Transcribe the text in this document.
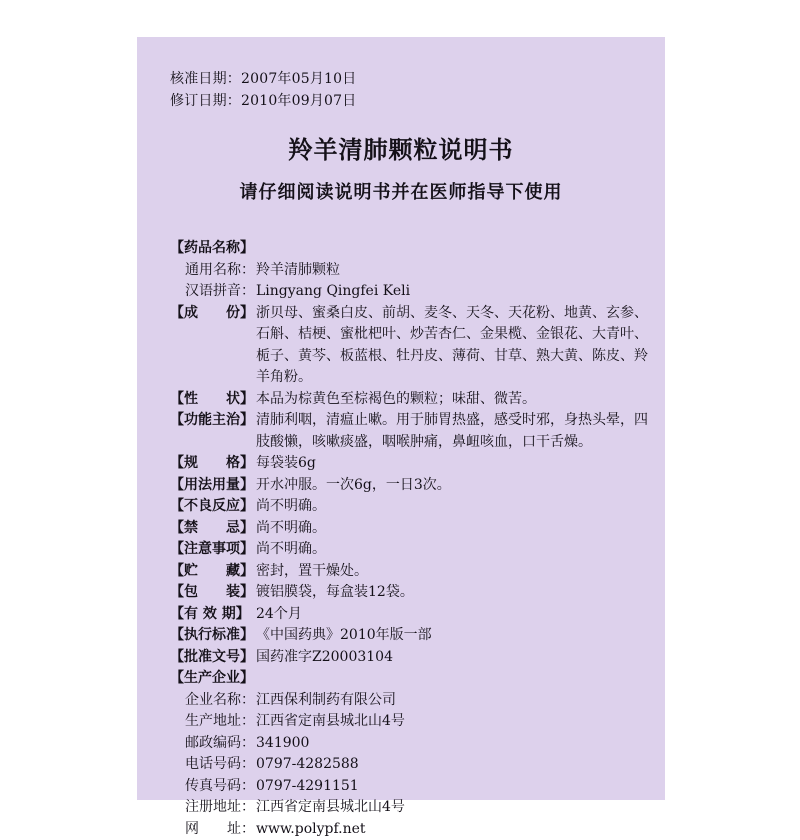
核准日期：2007年05月10日
修订日期：2010年09月07日
羚羊清肺颗粒说明书
请仔细阅读说明书并在医师指导下使用
【药品名称】
通用名称：羚羊清肺颗粒
汉语拼音：Lingyang Qingfei Keli
【成　　份】 浙贝母、蜜桑白皮、前胡、麦冬、天冬、天花粉、地黄、玄参、石斛、桔梗、蜜枇杷叶、炒苦杏仁、金果榄、金银花、大青叶、栀子、黄芩、板蓝根、牡丹皮、薄荷、甘草、熟大黄、陈皮、羚羊角粉。
【性　　状】 本品为棕黄色至棕褐色的颗粒；味甜、微苦。
【功能主治】 清肺利咽，清瘟止嗽。用于肺胃热盛，感受时邪，身热头晕，四肢酸懒，咳嗽痰盛，咽喉肿痛，鼻衄咳血，口干舌燥。
【规　　格】 每袋装6g
【用法用量】 开水冲服。一次6g，一日3次。
【不良反应】 尚不明确。
【禁　　忌】 尚不明确。
【注意事项】 尚不明确。
【贮　　藏】 密封，置干燥处。
【包　　装】 镀铝膜袋，每盒装12袋。
【有 效 期】 24个月
【执行标准】 《中国药典》2010年版一部
【批准文号】 国药准字Z20003104
【生产企业】
企业名称：江西保利制药有限公司
生产地址：江西省定南县城北山4号
邮政编码：341900
电话号码：0797-4282588
传真号码：0797-4291151
注册地址：江西省定南县城北山4号
网　　址：www.polypf.net
